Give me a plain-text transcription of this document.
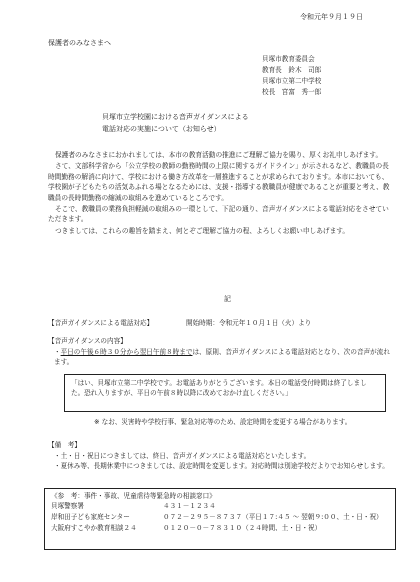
令和元年９月１９日
保護者のみなさまへ
貝塚市教育委員会
教育長　鈴木　司郎
貝塚市立第二中学校
校長　宮富　秀一郎
貝塚市立学校園における音声ガイダンスによる
電話対応の実施について（お知らせ）

保護者のみなさまにおかれましては、本市の教育活動の推進にご理解ご協力を賜り、厚くお礼申しあげます。

さて、文部科学省から「公立学校の教師の勤務時間の上限に関するガイドライン」が示されるなど、教職員の長時間勤務の解消に向けて、学校における働き方改革を一層推進することが求められております。本市においても、学校園が子どもたちの活気あふれる場となるためには、支援・指導する教職員が健康であることが重要と考え、教職員の長時間勤務の縮減の取組みを進めているところです。

そこで、教職員の業務負担軽減の取組みの一環として、下記の通り、音声ガイダンスによる電話対応をさせていただきます。

つきましては、これらの趣旨を踏まえ、何とぞご理解ご協力の程、よろしくお願い申しあげます。

記
【音声ガイダンスによる電話対応】	開始時期：令和元年１０月１日（火）より
【音声ガイダンスの内容】
・平日の午後６時３０分から翌日午前８時までは、原則、音声ガイダンスによる電話対応となり、次の音声が流れます。
「はい、貝塚市立第二中学校です。お電話ありがとうございます。本日の電話受付時間は終了しました。恐れ入りますが、平日の午前８時以降に改めておかけ直しください。」
※ なお、災害時や学校行事、緊急対応等のため、設定時間を変更する場合があります。
【備　考】
・土・日・祝日につきましては、終日、音声ガイダンスによる電話対応といたします。
・夏休み等、長期休業中につきましては、設定時間を変更します。対応時間は別途学校だよりでお知らせします。
《参　考：事件・事故、児童虐待等緊急時の相談窓口》
貝塚警察署	４３１－１２３４
岸和田子ども家庭センター	０７２－２９５－８７３７（平日１７:４５ ～ 翌朝９:００、土・日・祝）
大阪府すこやか教育相談２４	０１２０－０－７８３１０（２４時間、土・日・祝）
